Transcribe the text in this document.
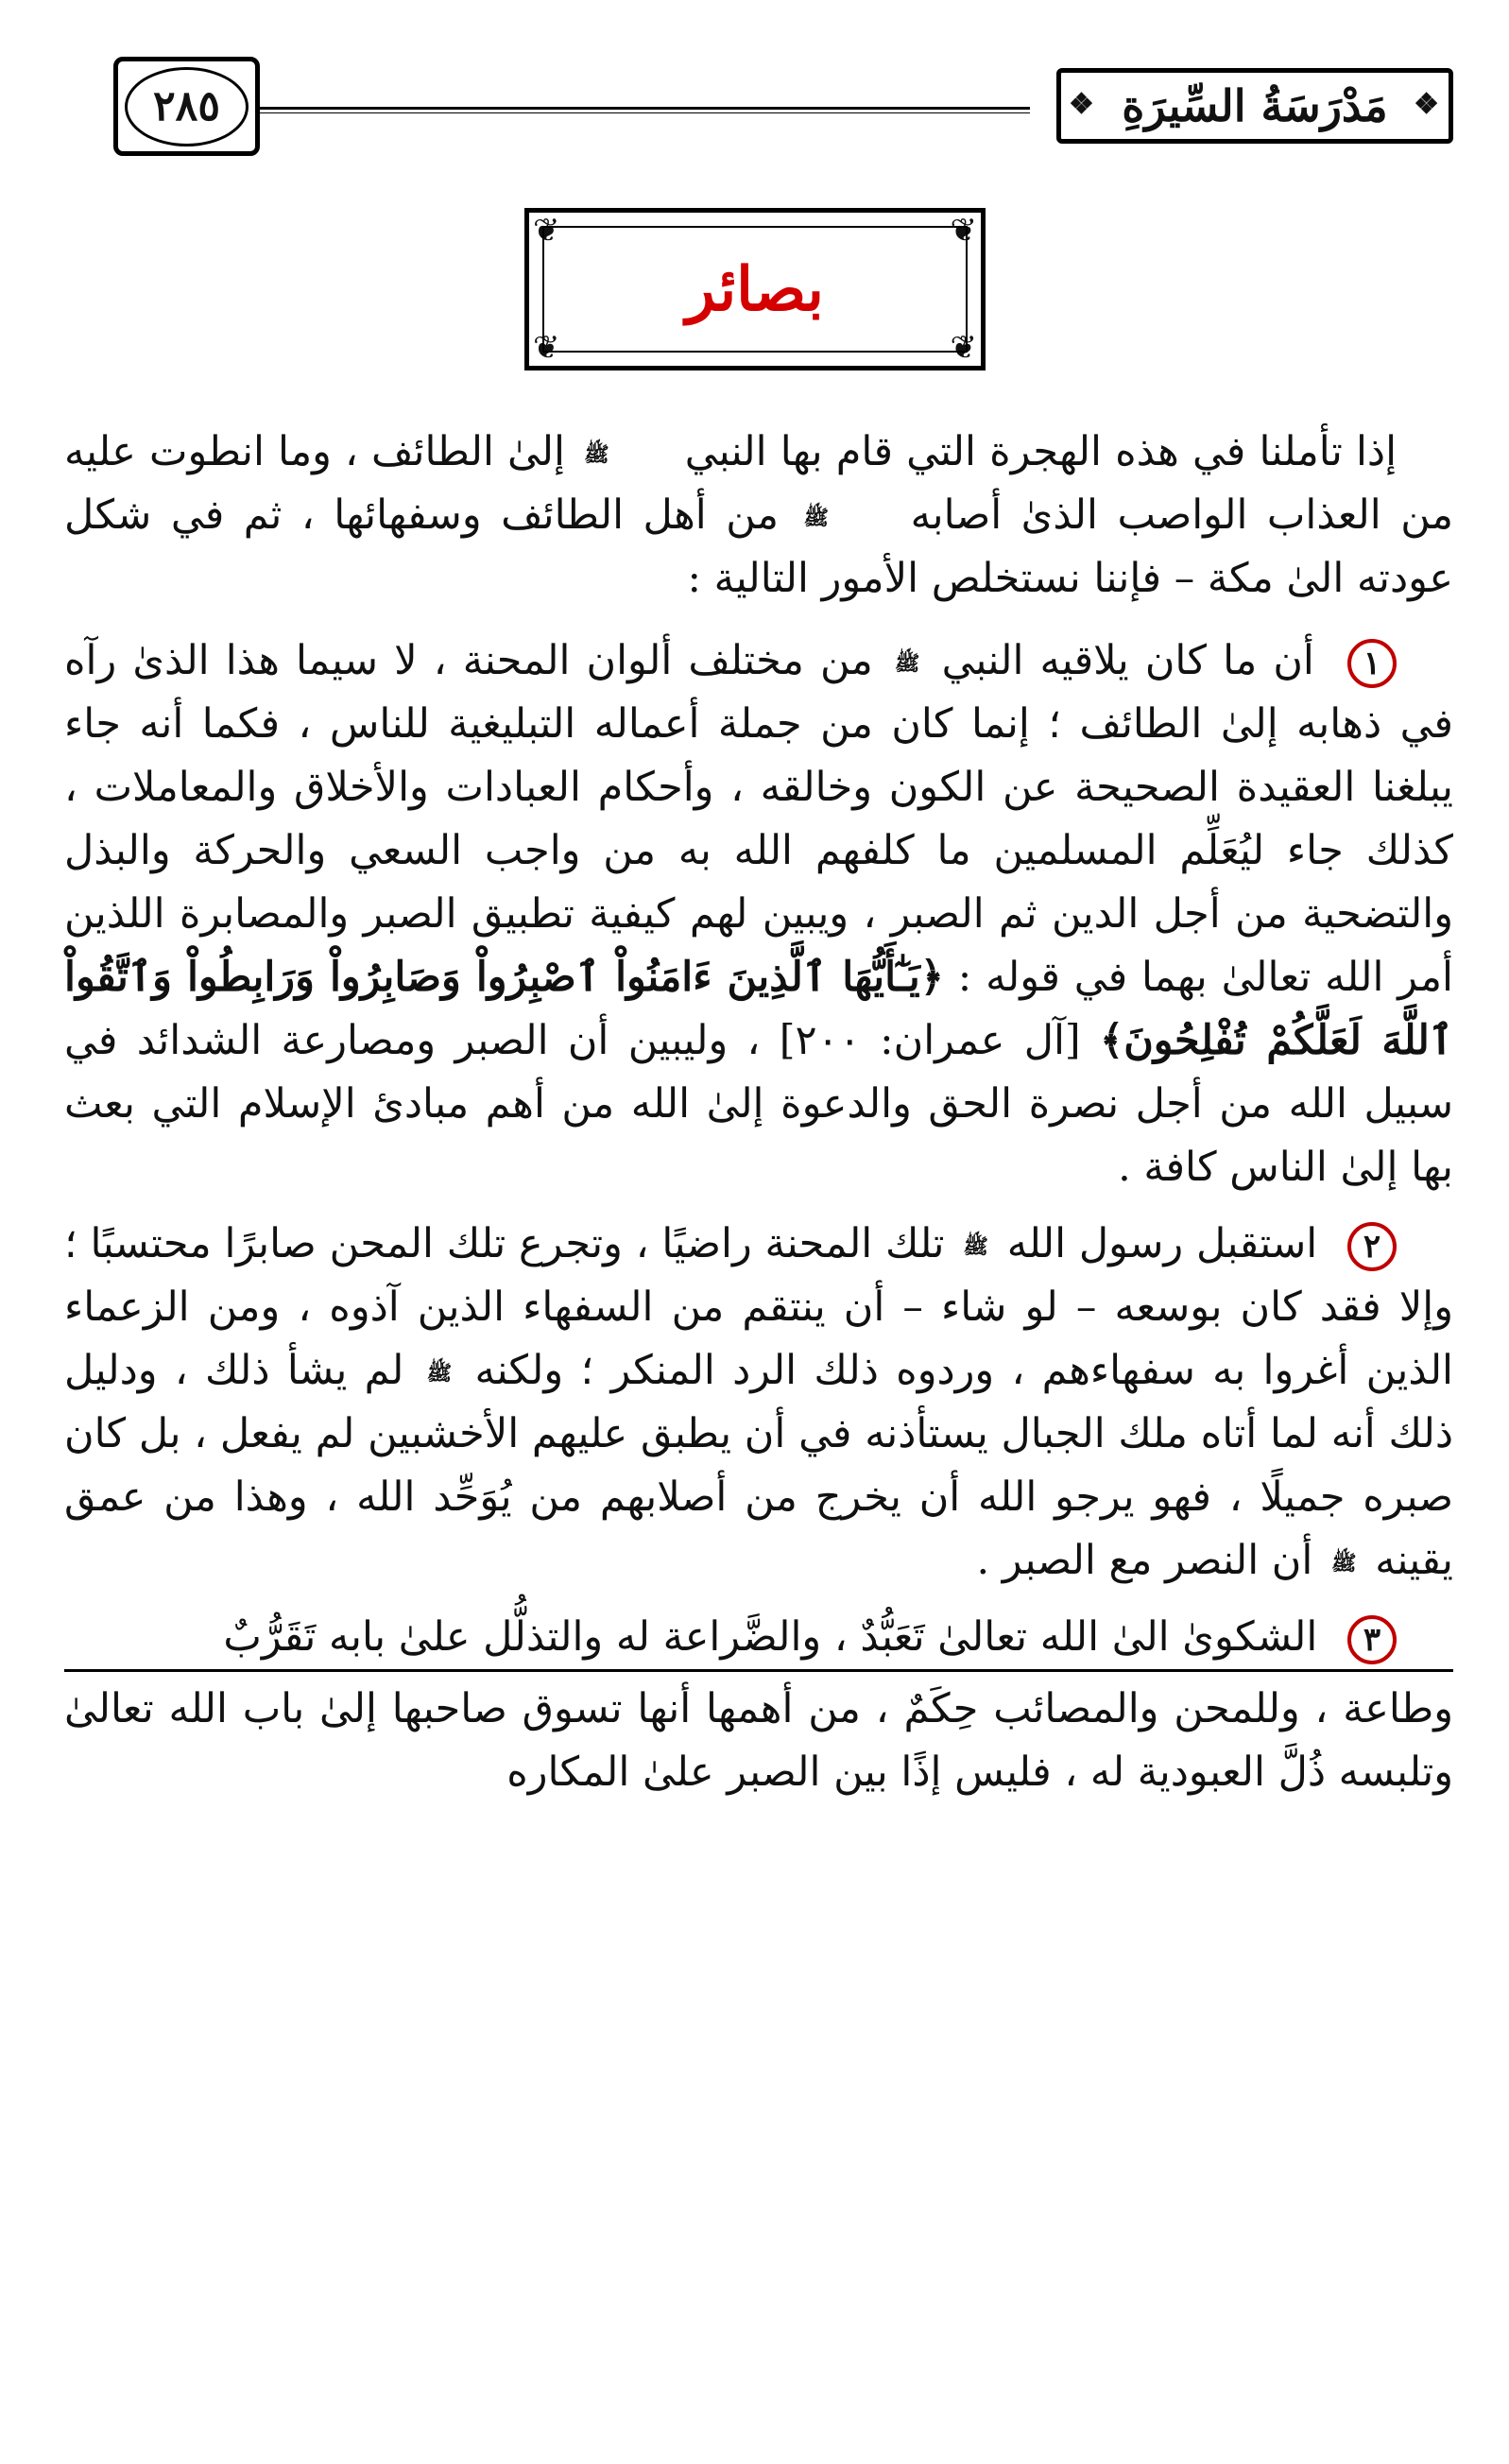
٢٨٥
❖	مَدْرَسَةُ السِّيرَةِ ❖
❦	❦
❦	❦
بصائر

إذا تأملنا في هذه الهجرة التي قام بها النبي ﷺ إلىٰ الطائف ، وما انطوت عليه من العذاب الواصب الذىٰ أصابه ﷺ من أهل الطائف وسفهائها ، ثم في شكل عودته الىٰ مكة – فإننا نستخلص الأمور التالية :

١ أن ما كان يلاقيه النبي ﷺ من مختلف ألوان المحنة ، لا سيما هذا الذىٰ رآه في ذهابه إلىٰ الطائف ؛ إنما كان من جملة أعماله التبليغية للناس ، فكما أنه جاء يبلغنا العقيدة الصحيحة عن الكون وخالقه ، وأحكام العبادات والأخلاق والمعاملات ، كذلك جاء ليُعَلِّم المسلمين ما كلفهم الله به من واجب السعي والحركة والبذل والتضحية من أجل الدين ثم الصبر ، ويبين لهم كيفية تطبيق الصبر والمصابرة اللذين أمر الله تعالىٰ بهما في قوله : ﴿يَـٰٓأَيُّهَا ٱلَّذِينَ ءَامَنُواْ ٱصْبِرُواْ وَصَابِرُواْ وَرَابِطُواْ وَٱتَّقُواْ ٱللَّهَ لَعَلَّكُمْ تُفْلِحُونَ﴾ [آل عمران: ٢٠٠] ، وليبين أن الصبر ومصارعة الشدائد في سبيل الله من أجل نصرة الحق والدعوة إلىٰ الله من أهم مبادئ الإسلام التي بعث بها إلىٰ الناس كافة .

٢ استقبل رسول الله ﷺ تلك المحنة راضيًا ، وتجرع تلك المحن صابرًا محتسبًا ؛ وإلا فقد كان بوسعه – لو شاء – أن ينتقم من السفهاء الذين آذوه ، ومن الزعماء الذين أغروا به سفهاءهم ، وردوه ذلك الرد المنكر ؛ ولكنه ﷺ لم يشأ ذلك ، ودليل ذلك أنه لما أتاه ملك الجبال يستأذنه في أن يطبق عليهم الأخشبين لم يفعل ، بل كان صبره جميلًا ، فهو يرجو الله أن يخرج من أصلابهم من يُوَحِّد الله ، وهذا من عمق يقينه ﷺ أن النصر مع الصبر .

٣ الشكوىٰ الىٰ الله تعالىٰ تَعَبُّدٌ ، والضَّراعة له والتذلُّل علىٰ بابه تَقَرُّبٌ
وطاعة ، وللمحن والمصائب حِكَمٌ ، من أهمها أنها تسوق صاحبها إلىٰ باب الله تعالىٰ وتلبسه ذُلَّ العبودية له ، فليس إذًا بين الصبر علىٰ المكاره
